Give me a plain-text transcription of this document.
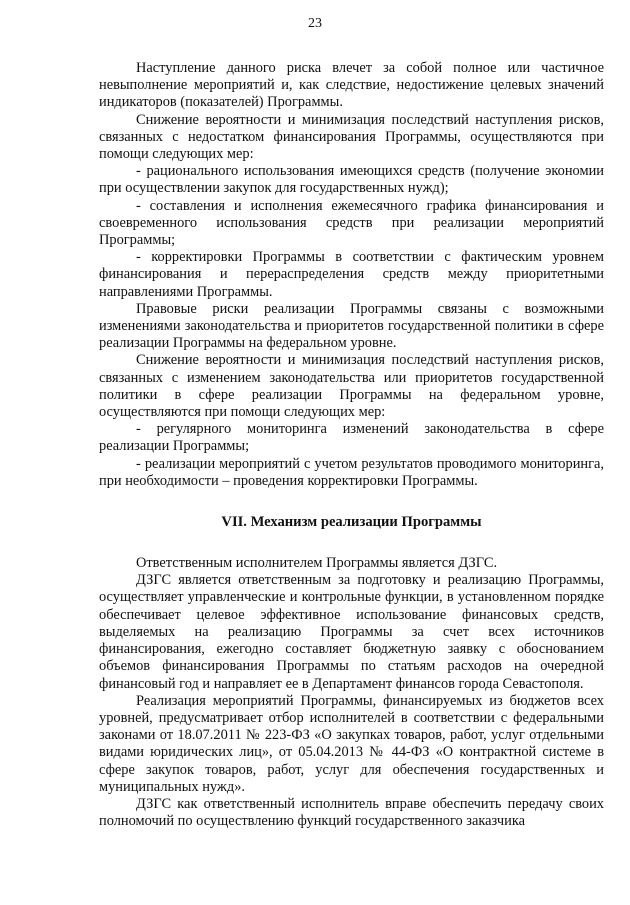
23

Наступление данного риска влечет за собой полное или частичное невыполнение мероприятий и, как следствие, недостижение целевых значений индикаторов (показателей) Программы.

Снижение вероятности и минимизация последствий наступления рисков, связанных с недостатком финансирования Программы, осуществляются при помощи следующих мер:

- рационального использования имеющихся средств (получение экономии при осуществлении закупок для государственных нужд);

- составления и исполнения ежемесячного графика финансирования и своевременного использования средств при реализации мероприятий Программы;

- корректировки Программы в соответствии с фактическим уровнем финансирования и перераспределения средств между приоритетными направлениями Программы.

Правовые риски реализации Программы связаны с возможными изменениями законодательства и приоритетов государственной политики в сфере реализации Программы на федеральном уровне.

Снижение вероятности и минимизация последствий наступления рисков, связанных с изменением законодательства или приоритетов государственной политики в сфере реализации Программы на федеральном уровне, осуществляются при помощи следующих мер:

- регулярного мониторинга изменений законодательства в сфере реализации Программы;

- реализации мероприятий с учетом результатов проводимого мониторинга, при необходимости – проведения корректировки Программы.

VII. Механизм реализации Программы

Ответственным исполнителем Программы является ДЗГС.

ДЗГС является ответственным за подготовку и реализацию Программы, осуществляет управленческие и контрольные функции, в установленном порядке обеспечивает целевое эффективное использование финансовых средств, выделяемых на реализацию Программы за счет всех источников финансирования, ежегодно составляет бюджетную заявку с обоснованием объемов финансирования Программы по статьям расходов на очередной финансовый год и направляет ее в Департамент финансов города Севастополя.

Реализация мероприятий Программы, финансируемых из бюджетов всех уровней, предусматривает отбор исполнителей в соответствии с федеральными законами от 18.07.2011 № 223-ФЗ «О закупках товаров, работ, услуг отдельными видами юридических лиц», от 05.04.2013 № 44-ФЗ «О контрактной системе в сфере закупок товаров, работ, услуг для обеспечения государственных и муниципальных нужд».

ДЗГС как ответственный исполнитель вправе обеспечить передачу своих полномочий по осуществлению функций государственного заказчика
